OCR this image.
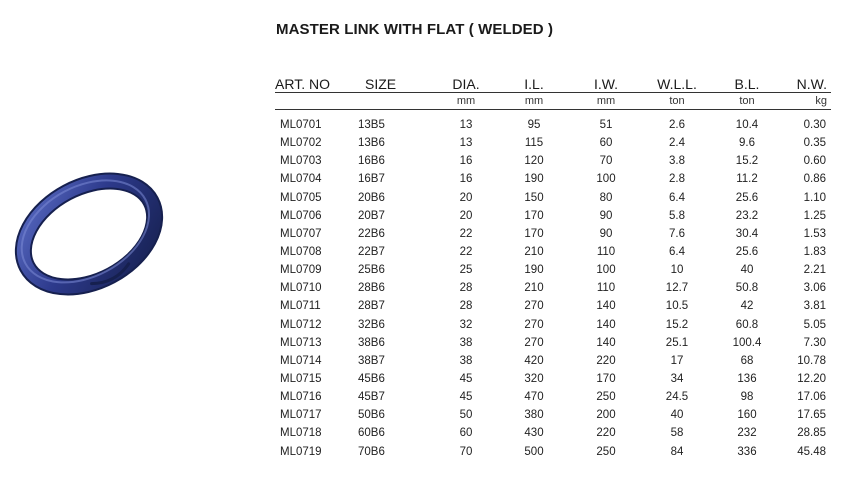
MASTER LINK WITH FLAT ( WELDED )
ART. NO	SIZE	DIA.	I.L.	I.W.	W.L.L.	B.L.	N.W.
		mm	mm	mm	ton	ton	kg
ML0701	13B5	13	95	51	2.6	10.4	0.30
ML0702	13B6	13	115	60	2.4	9.6	0.35
ML0703	16B6	16	120	70	3.8	15.2	0.60
ML0704	16B7	16	190	100	2.8	11.2	0.86
ML0705	20B6	20	150	80	6.4	25.6	1.10
ML0706	20B7	20	170	90	5.8	23.2	1.25
ML0707	22B6	22	170	90	7.6	30.4	1.53
ML0708	22B7	22	210	110	6.4	25.6	1.83
ML0709	25B6	25	190	100	10	40	2.21
ML0710	28B6	28	210	110	12.7	50.8	3.06
ML0711	28B7	28	270	140	10.5	42	3.81
ML0712	32B6	32	270	140	15.2	60.8	5.05
ML0713	38B6	38	270	140	25.1	100.4	7.30
ML0714	38B7	38	420	220	17	68	10.78
ML0715	45B6	45	320	170	34	136	12.20
ML0716	45B7	45	470	250	24.5	98	17.06
ML0717	50B6	50	380	200	40	160	17.65
ML0718	60B6	60	430	220	58	232	28.85
ML0719	70B6	70	500	250	84	336	45.48
